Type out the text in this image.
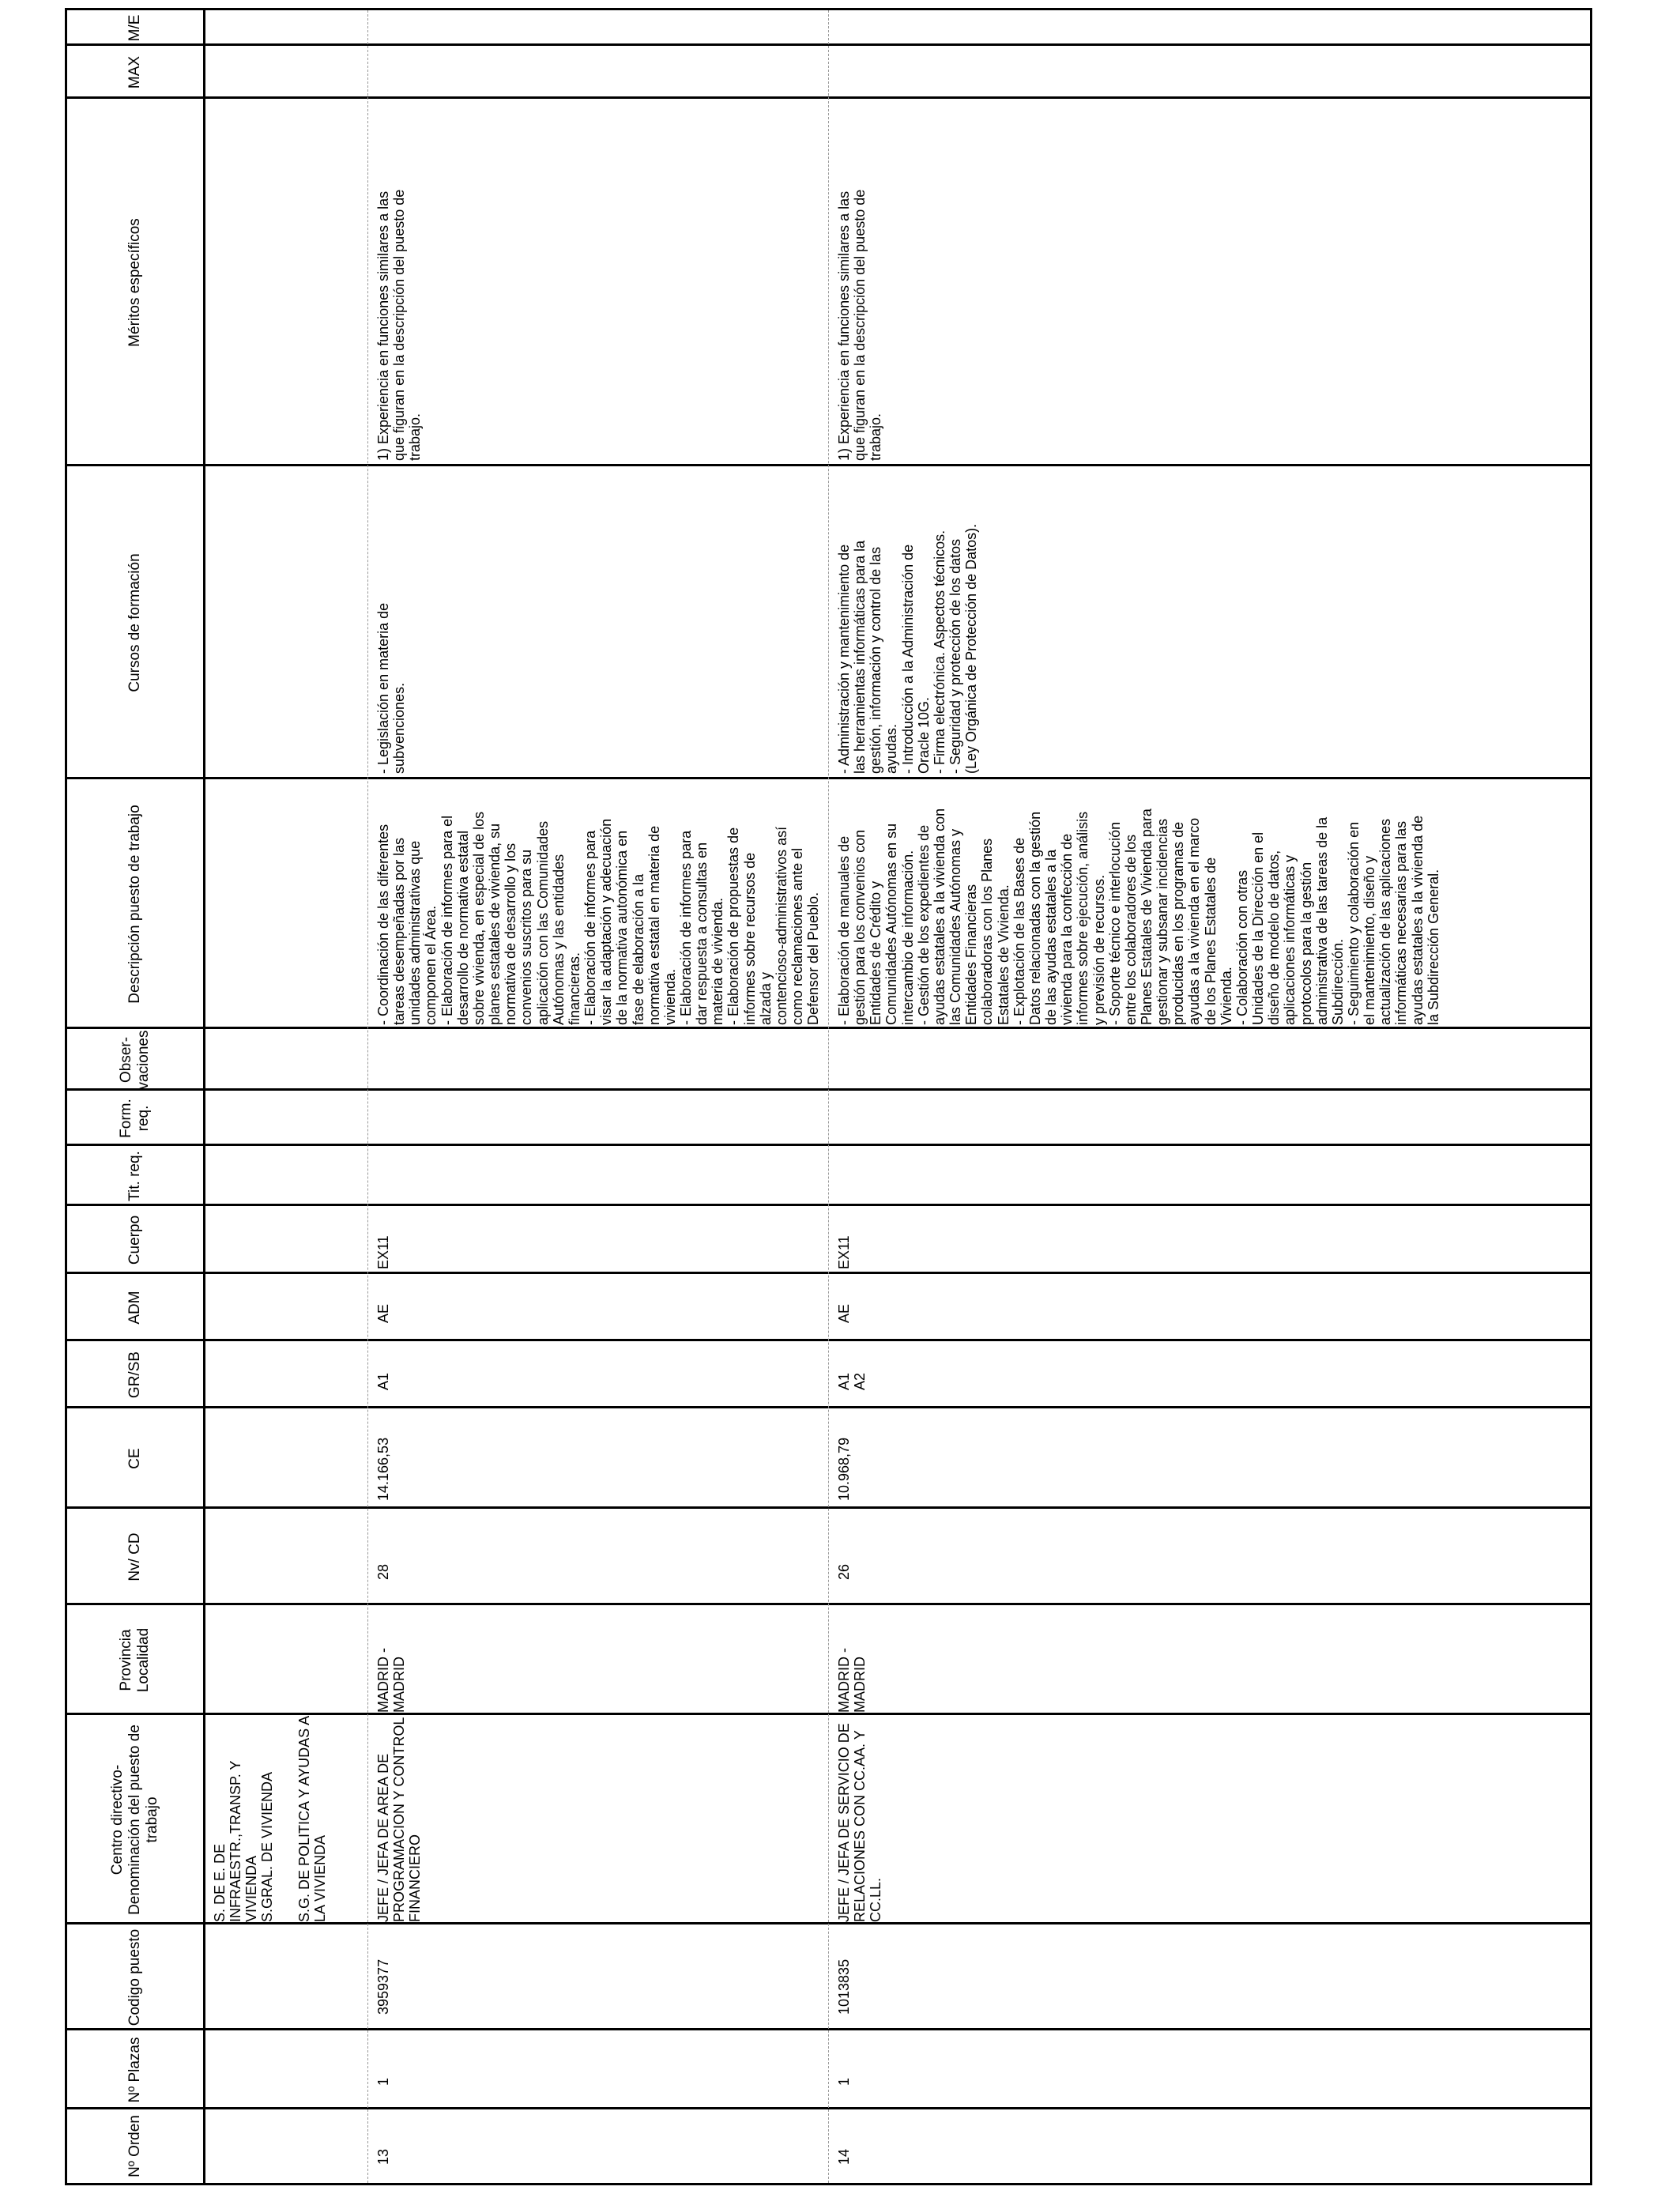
Nº Orden
Nº Plazas
Codigo puesto
Centro directivo- Denominación del puesto de trabajo
Provincia Localidad
Nv/ CD
CE
GR/SB
ADM
Cuerpo
Tit. req.
Form. req.
Obser- vaciones
Descripción puesto de trabajo
Cursos de formación
Méritos específicos
MAX
M/E
S. DE E. DE
INFRAESTR.,TRANSP. Y
VIVIENDA
S.GRAL. DE VIVIENDA
S.G. DE POLITICA Y AYUDAS A
LA VIVIENDA
13
1
3959377
JEFE / JEFA DE AREA DE
PROGRAMACION Y CONTROL
FINANCIERO
MADRID -
MADRID
28
14.166,53
A1
AE
EX11
- Coordinación de las diferentes
tareas desempeñadas por las
unidades administrativas que
componen el Área.
- Elaboración de informes para el
desarrollo de normativa estatal
sobre vivienda, en especial de los
planes estatales de vivienda, su
normativa de desarrollo y los
convenios suscritos para su
aplicación con las Comunidades
Autónomas y las entidades
financieras.
- Elaboración de informes para
visar la adaptación y adecuación
de la normativa autonómica en
fase de elaboración a la
normativa estatal en materia de
vivienda.
- Elaboración de informes para
dar respuesta a consultas en
materia de vivienda.
- Elaboración de propuestas de
informes sobre recursos de
alzada y
contencioso-administrativos así
como reclamaciones ante el
Defensor del Pueblo.
- Legislación en materia de
subvenciones.
1) Experiencia en funciones similares a las
que figuran en la descripción del puesto de
trabajo.
14
1
1013835
JEFE / JEFA DE SERVICIO DE
RELACIONES CON CC.AA. Y
CC.LL.
MADRID -
MADRID
26
10.968,79
A1
A2
AE
EX11
- Elaboración de manuales de
gestión para los convenios con
Entidades de Crédito y
Comunidades Autónomas en su
intercambio de información.
- Gestión de los expedientes de
ayudas estatales a la vivienda con
las Comunidades Autónomas y
Entidades Financieras
colaboradoras con los Planes
Estatales de Vivienda.
- Explotación de las Bases de
Datos relacionadas con la gestión
de las ayudas estatales a la
vivienda para la confección de
informes sobre ejecución, análisis
y previsión de recursos.
- Soporte técnico e interlocución
entre los colaboradores de los
Planes Estatales de Vivienda para
gestionar y subsanar incidencias
producidas en los programas de
ayudas a la vivienda en el marco
de los Planes Estatales de
Vivienda.
- Colaboración con otras
Unidades de la Dirección en el
diseño de modelo de datos,
aplicaciones informáticas y
protocolos para la gestión
administrativa de las tareas de la
Subdirección.
- Seguimiento y colaboración en
el mantenimiento, diseño y
actualización de las aplicaciones
informáticas necesarias para las
ayudas estatales a la vivienda de
la Subdirección General.
- Administración y mantenimiento de
las herramientas informáticas para la
gestión, información y control de las
ayudas.
- Introducción a la Administración de
Oracle 10G.
- Firma electrónica. Aspectos técnicos.
- Seguridad y protección de los datos
(Ley Orgánica de Protección de Datos).
1) Experiencia en funciones similares a las
que figuran en la descripción del puesto de
trabajo.
